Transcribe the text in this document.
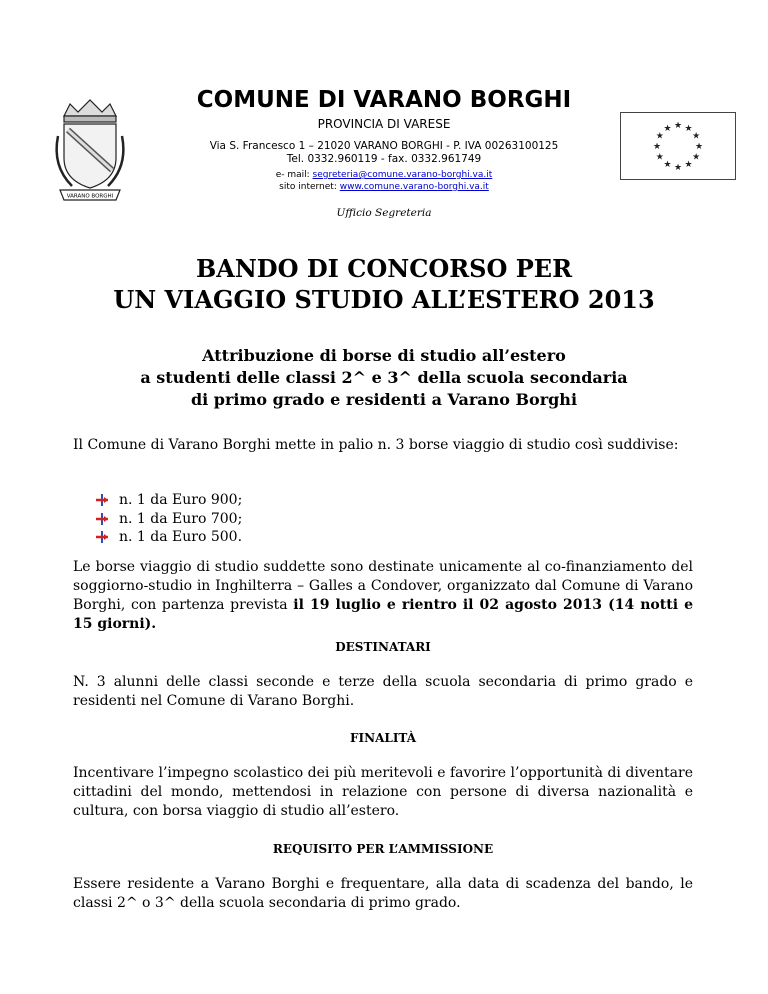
VARANO BORGHI
★ ★
★
★
★
★
★
★
★
★
★
★
COMUNE DI VARANO BORGHI
PROVINCIA DI VARESE
Via S. Francesco 1 – 21020 VARANO BORGHI - P. IVA 00263100125
Tel. 0332.960119 - fax. 0332.961749
e- mail: segreteria@comune.varano-borghi.va.it
sito internet: www.comune.varano-borghi.va.it
Ufficio Segreteria
BANDO DI CONCORSO PER
UN VIAGGIO STUDIO ALL’ESTERO 2013
Attribuzione di borse di studio all’estero
a studenti delle classi 2^ e 3^ della scuola secondaria
di primo grado e residenti a Varano Borghi

Il Comune di Varano Borghi mette in palio n. 3 borse viaggio di studio così suddivise:

n. 1 da Euro 900;
n. 1 da Euro 700;
n. 1 da Euro 500.

Le borse viaggio di studio suddette sono destinate unicamente al co-finanziamento del soggiorno-studio in Inghilterra – Galles a Condover, organizzato dal Comune di Varano Borghi, con partenza prevista il 19 luglio e rientro il 02 agosto 2013 (14 notti e 15 giorni).

DESTINATARI

N. 3 alunni delle classi seconde e terze della scuola secondaria di primo grado e residenti nel Comune di Varano Borghi.

FINALITÀ

Incentivare l’impegno scolastico dei più meritevoli e favorire l’opportunità di diventare cittadini del mondo, mettendosi in relazione con persone di diversa nazionalità e cultura, con borsa viaggio di studio all’estero.

REQUISITO PER L’AMMISSIONE

Essere residente a Varano Borghi e frequentare, alla data di scadenza del bando, le classi 2^ o 3^ della scuola secondaria di primo grado.
